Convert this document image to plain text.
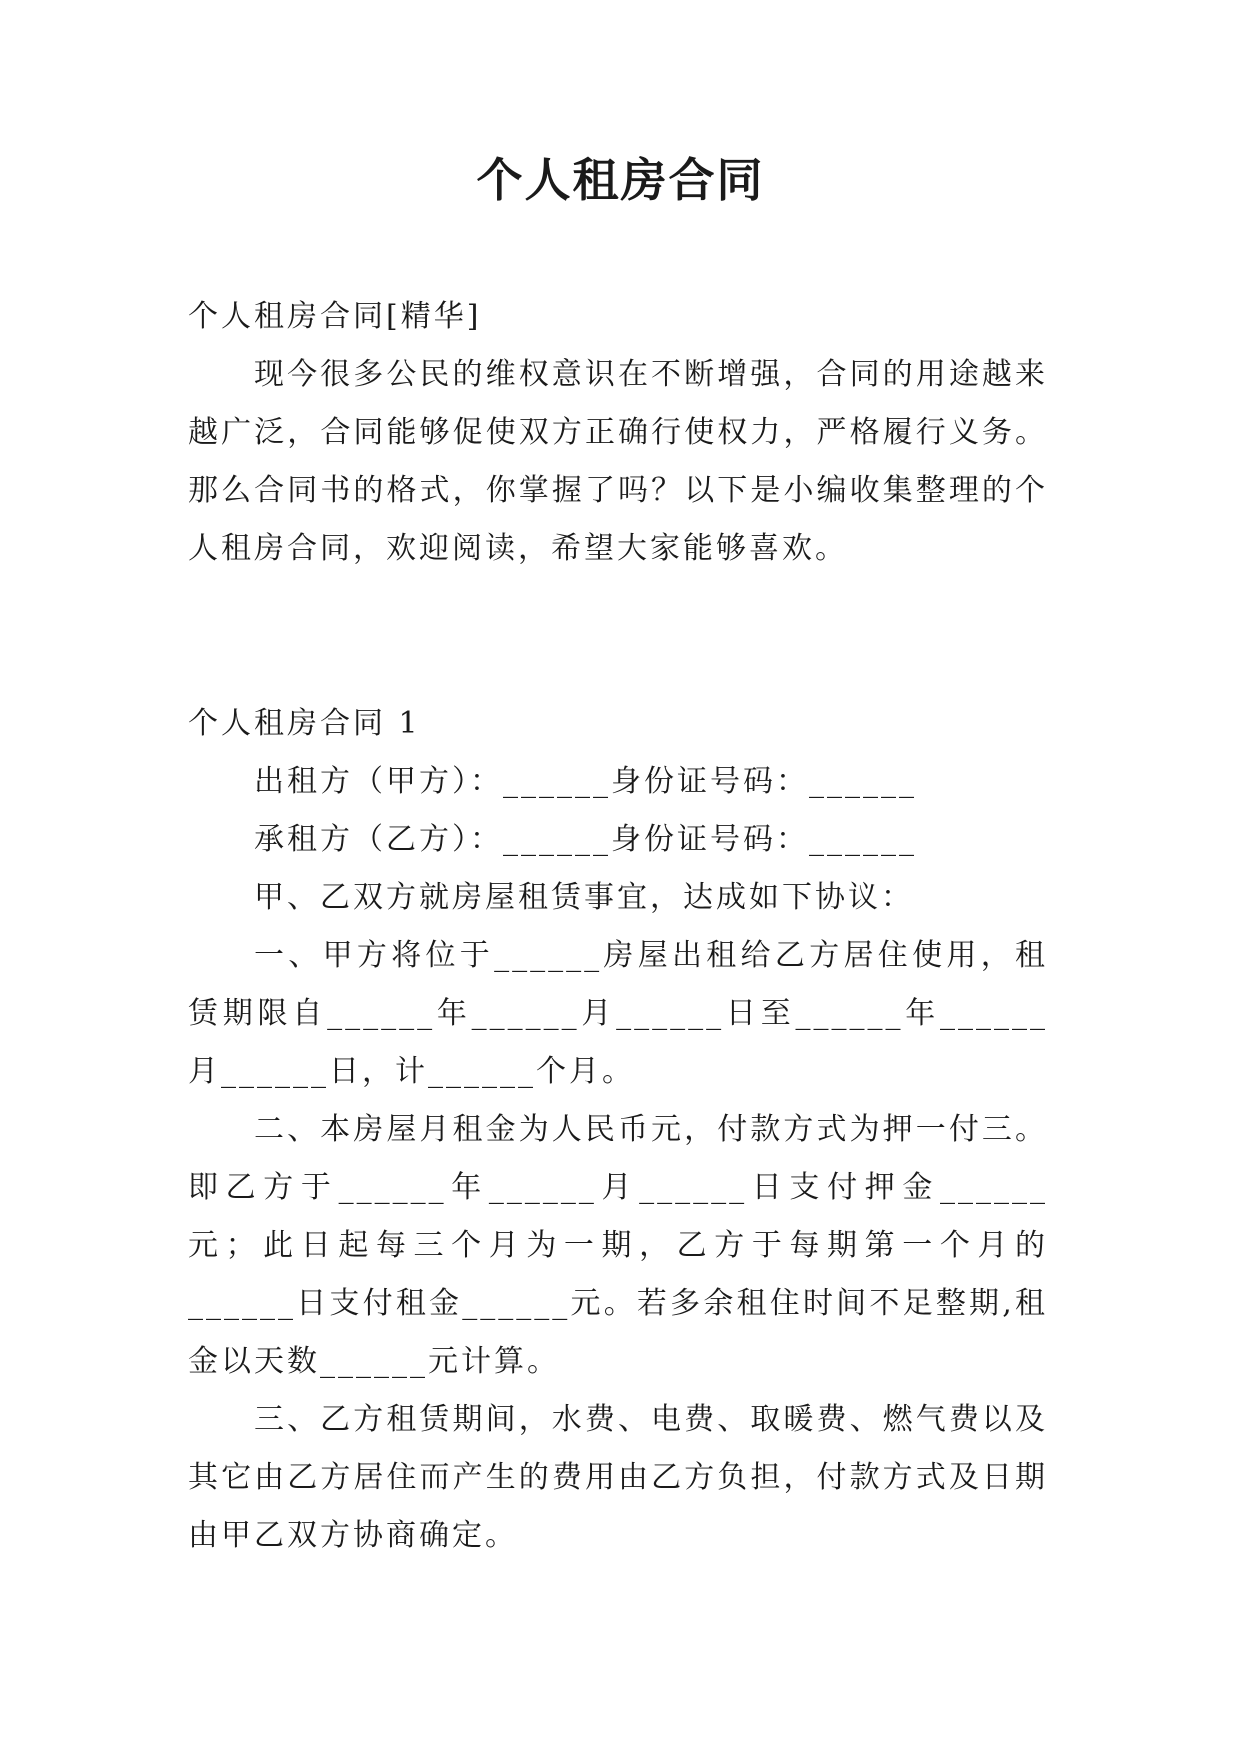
个人租房合同

个人租房合同[精华]

现今很多公民的维权意识在不断增强，合同的用途越来越广泛，合同能够促使双方正确行使权力，严格履行义务。那么合同书的格式，你掌握了吗？以下是小编收集整理的个人租房合同，欢迎阅读，希望大家能够喜欢。

个人租房合同 1

出租方（甲方）：______身份证号码：______

承租方（乙方）：______身份证号码：______

甲、乙双方就房屋租赁事宜，达成如下协议：

一、甲方将位于______房屋出租给乙方居住使用，租赁期限自______年______月______日至______年______月______日，计______个月。

二、本房屋月租金为人民币元，付款方式为押一付三。即乙方于______年______月______日支付押金______元；此日起每三个月为一期，乙方于每期第一个月的______日支付租金______元。若多余租住时间不足整期,租金以天数______元计算。

三、乙方租赁期间，水费、电费、取暖费、燃气费以及其它由乙方居住而产生的费用由乙方负担，付款方式及日期由甲乙双方协商确定。
